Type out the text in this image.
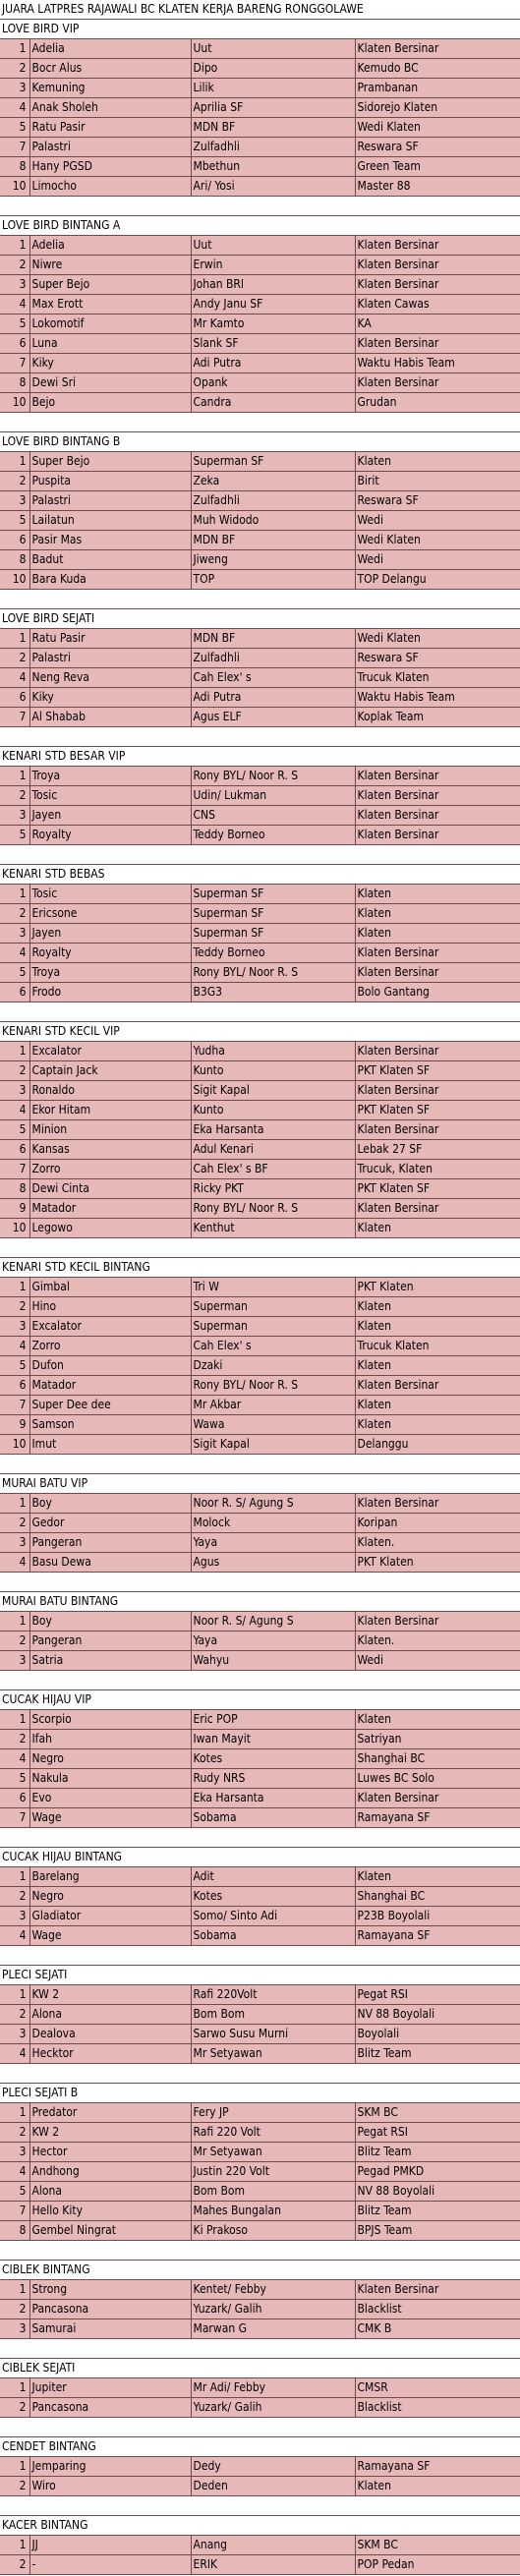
JUARA LATPRES RAJAWALI BC KLATEN KERJA BARENG RONGGOLAWE			
LOVE BIRD VIP			
1	Adelia	Uut	Klaten Bersinar
2	Bocr Alus	Dipo	Kemudo BC
3	Kemuning	Lilik	Prambanan
4	Anak Sholeh	Aprilia SF	Sidorejo Klaten
5	Ratu Pasir	MDN BF	Wedi Klaten
7	Palastri	Zulfadhli	Reswara SF
8	Hany PGSD	Mbethun	Green Team
10	Limocho	Ari/ Yosi	Master 88

LOVE BIRD BINTANG A			
1	Adelia	Uut	Klaten Bersinar
2	Niwre	Erwin	Klaten Bersinar
3	Super Bejo	Johan BRI	Klaten Bersinar
4	Max Erott	Andy Janu SF	Klaten Cawas
5	Lokomotif	Mr Kamto	KA
6	Luna	Slank SF	Klaten Bersinar
7	Kiky	Adi Putra	Waktu Habis Team
8	Dewi Sri	Opank	Klaten Bersinar
10	Bejo	Candra	Grudan

LOVE BIRD BINTANG B			
1	Super Bejo	Superman SF	Klaten
2	Puspita	Zeka	Birit
3	Palastri	Zulfadhli	Reswara SF
5	Lailatun	Muh Widodo	Wedi
6	Pasir Mas	MDN BF	Wedi Klaten
8	Badut	Jiweng	Wedi
10	Bara Kuda	TOP	TOP Delangu

LOVE BIRD SEJATI			
1	Ratu Pasir	MDN BF	Wedi Klaten
2	Palastri	Zulfadhli	Reswara SF
4	Neng Reva	Cah Elex' s	Trucuk Klaten
6	Kiky	Adi Putra	Waktu Habis Team
7	Al Shabab	Agus ELF	Koplak Team

KENARI STD BESAR VIP			
1	Troya	Rony BYL/ Noor R. S	Klaten Bersinar
2	Tosic	Udin/ Lukman	Klaten Bersinar
3	Jayen	CNS	Klaten Bersinar
5	Royalty	Teddy Borneo	Klaten Bersinar

KENARI STD BEBAS			
1	Tosic	Superman SF	Klaten
2	Ericsone	Superman SF	Klaten
3	Jayen	Superman SF	Klaten
4	Royalty	Teddy Borneo	Klaten Bersinar
5	Troya	Rony BYL/ Noor R. S	Klaten Bersinar
6	Frodo	B3G3	Bolo Gantang

KENARI STD KECIL VIP			
1	Excalator	Yudha	Klaten Bersinar
2	Captain Jack	Kunto	PKT Klaten SF
3	Ronaldo	Sigit Kapal	Klaten Bersinar
4	Ekor Hitam	Kunto	PKT Klaten SF
5	Minion	Eka Harsanta	Klaten Bersinar
6	Kansas	Adul Kenari	Lebak 27 SF
7	Zorro	Cah Elex' s BF	Trucuk, Klaten
8	Dewi Cinta	Ricky PKT	PKT Klaten SF
9	Matador	Rony BYL/ Noor R. S	Klaten Bersinar
10	Legowo	Kenthut	Klaten

KENARI STD KECIL BINTANG			
1	Gimbal	Tri W	PKT Klaten
2	Hino	Superman	Klaten
3	Excalator	Superman	Klaten
4	Zorro	Cah Elex' s	Trucuk Klaten
5	Dufon	Dzaki	Klaten
6	Matador	Rony BYL/ Noor R. S	Klaten Bersinar
7	Super Dee dee	Mr Akbar	Klaten
9	Samson	Wawa	Klaten
10	Imut	Sigit Kapal	Delanggu

MURAI BATU VIP			
1	Boy	Noor R. S/ Agung S	Klaten Bersinar
2	Gedor	Molock	Koripan
3	Pangeran	Yaya	Klaten.
4	Basu Dewa	Agus	PKT Klaten

MURAI BATU BINTANG			
1	Boy	Noor R. S/ Agung S	Klaten Bersinar
2	Pangeran	Yaya	Klaten.
3	Satria	Wahyu	Wedi

CUCAK HIJAU VIP			
1	Scorpio	Eric POP	Klaten
2	Ifah	Iwan Mayit	Satriyan
4	Negro	Kotes	Shanghai BC
5	Nakula	Rudy NRS	Luwes BC Solo
6	Evo	Eka Harsanta	Klaten Bersinar
7	Wage	Sobama	Ramayana SF

CUCAK HIJAU BINTANG			
1	Barelang	Adit	Klaten
2	Negro	Kotes	Shanghai BC
3	Gladiator	Somo/ Sinto Adi	P23B Boyolali
4	Wage	Sobama	Ramayana SF

PLECI SEJATI			
1	KW 2	Rafi 220Volt	Pegat RSI
2	Alona	Bom Bom	NV 88 Boyolali
3	Dealova	Sarwo Susu Murni	Boyolali
4	Hecktor	Mr Setyawan	Blitz Team

PLECI SEJATI B			
1	Predator	Fery JP	SKM BC
2	KW 2	Rafi 220 Volt	Pegat RSI
3	Hector	Mr Setyawan	Blitz Team
4	Andhong	Justin 220 Volt	Pegad PMKD
5	Alona	Bom Bom	NV 88 Boyolali
7	Hello Kity	Mahes Bungalan	Blitz Team
8	Gembel Ningrat	Ki Prakoso	BPJS Team

CIBLEK BINTANG			
1	Strong	Kentet/ Febby	Klaten Bersinar
2	Pancasona	Yuzark/ Galih	Blacklist
3	Samurai	Marwan G	CMK B

CIBLEK SEJATI			
1	Jupiter	Mr Adi/ Febby	CMSR
2	Pancasona	Yuzark/ Galih	Blacklist

CENDET BINTANG			
1	Jemparing	Dedy	Ramayana SF
2	Wiro	Deden	Klaten

KACER BINTANG			
1	JJ	Anang	SKM BC
2	-	ERIK	POP Pedan
